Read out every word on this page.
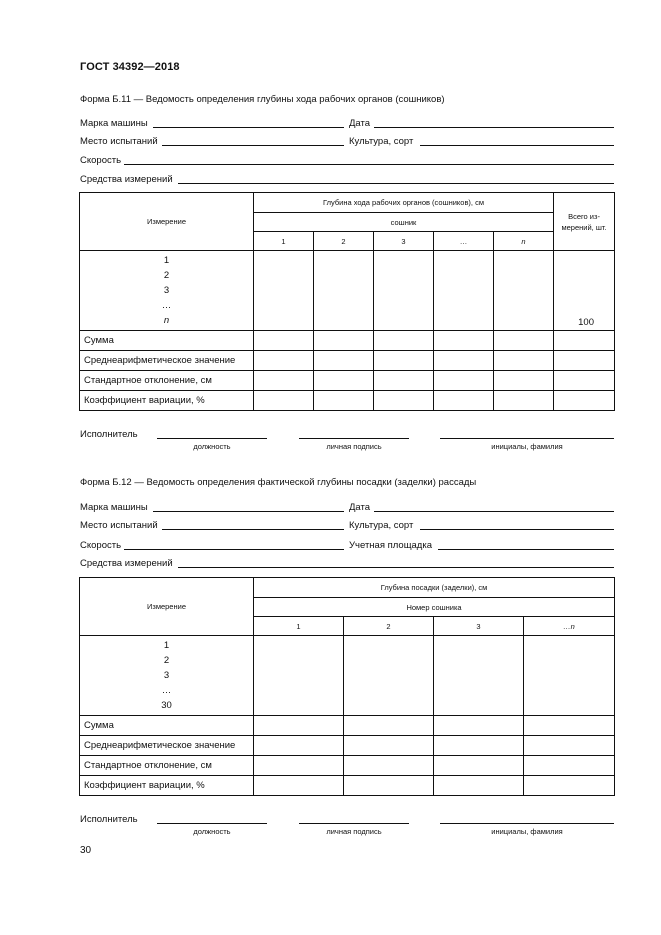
ГОСТ 34392—2018
Форма Б.11 — Ведомость определения глубины хода рабочих органов (сошников)
Марка машины	Дата
Место испытаний	Культура, сорт
Скорость
Средства измерений
Измерение	Глубина хода рабочих органов (сошников), см					Всего из-мерений, шт.
	сошник					
	1	2	3	…	n	

1
2
3
…
n						100
Сумма						
Среднеарифметическое значение						
Стандартное отклонение, см						
Коэффициент вариации, %						
Исполнитель
должность	личная подпись	инициалы, фамилия
Форма Б.12 — Ведомость определения фактической глубины посадки (заделки) рассады
Марка машины	Дата
Место испытаний	Культура, сорт
Скорость	Учетная площадка
Средства измерений
Измерение	Глубина посадки (заделки), см			
	Номер сошника			
	1	2	3	…n

1
2
3
…
30				

Сумма				
Среднеарифметическое значение				
Стандартное отклонение, см				
Коэффициент вариации, %				
Исполнитель
должность	личная подпись	инициалы, фамилия
30
